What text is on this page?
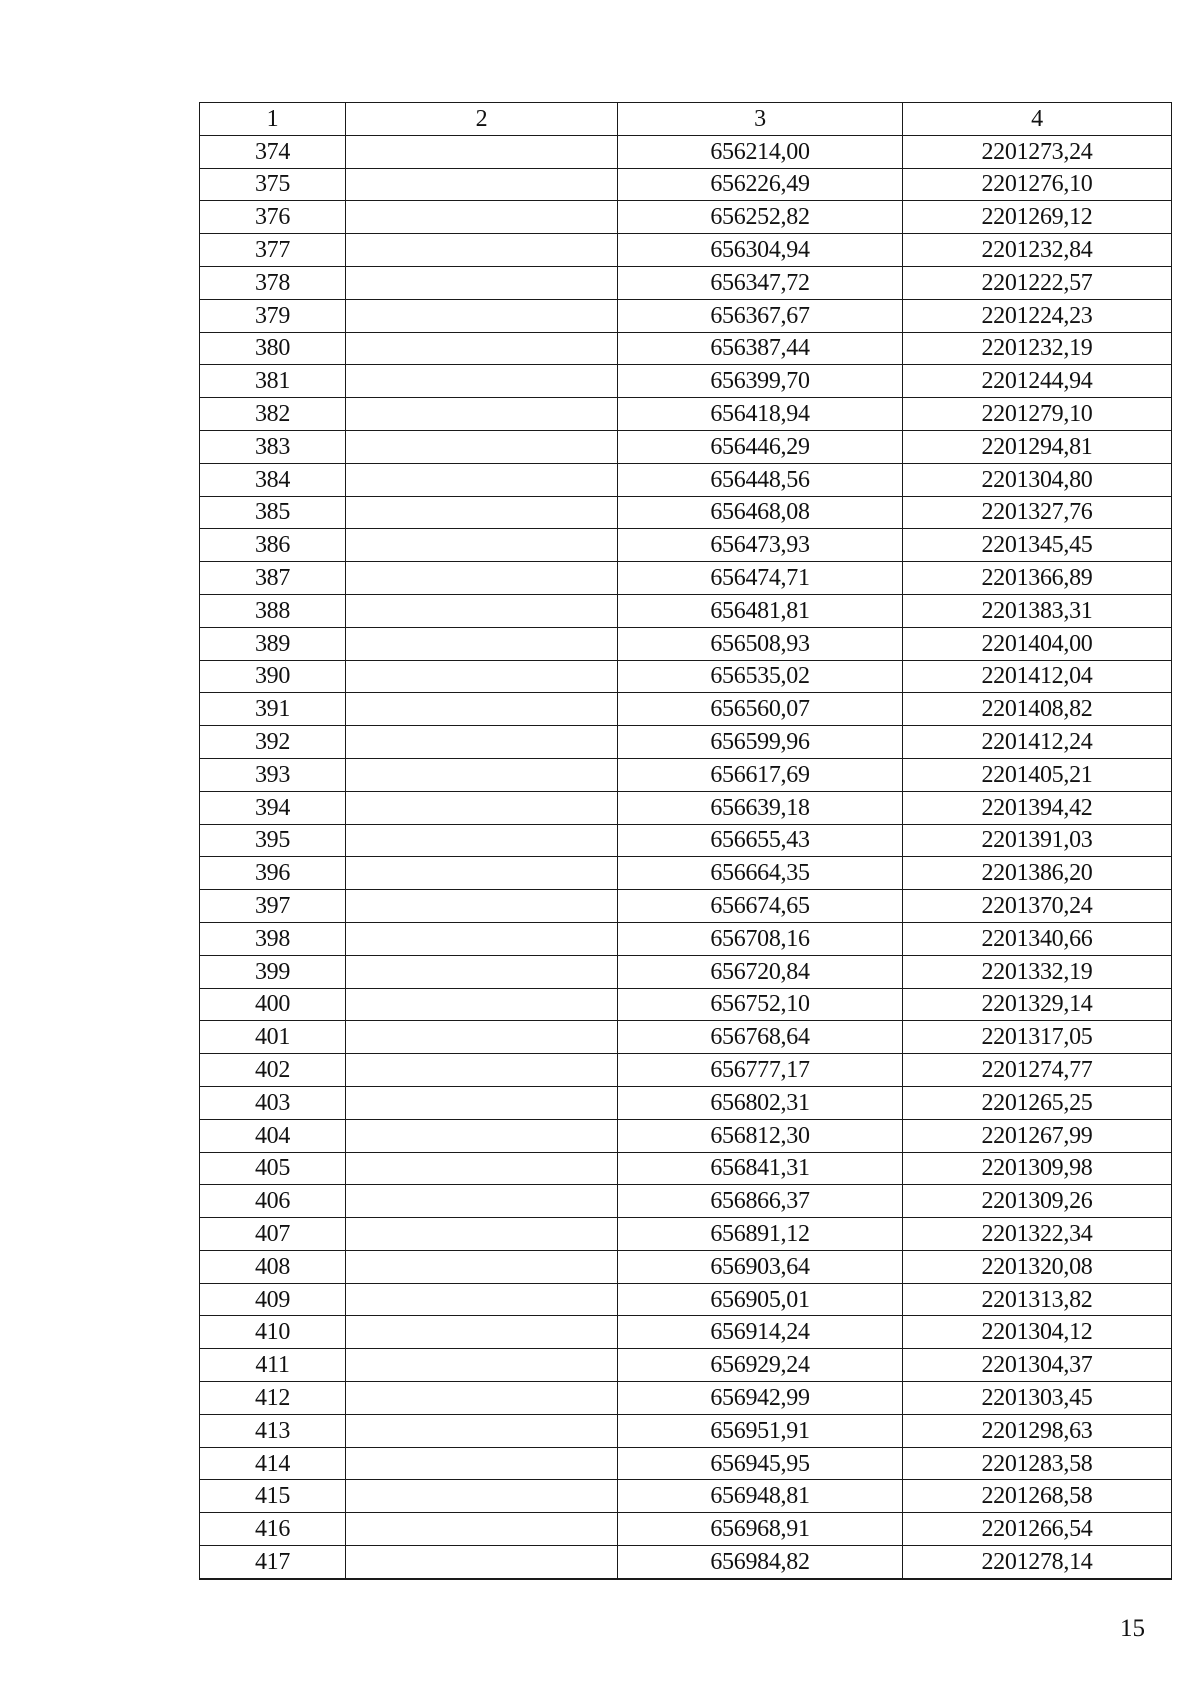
1	2	3	4
374		656214,00	2201273,24
375		656226,49	2201276,10
376		656252,82	2201269,12
377		656304,94	2201232,84
378		656347,72	2201222,57
379		656367,67	2201224,23
380		656387,44	2201232,19
381		656399,70	2201244,94
382		656418,94	2201279,10
383		656446,29	2201294,81
384		656448,56	2201304,80
385		656468,08	2201327,76
386		656473,93	2201345,45
387		656474,71	2201366,89
388		656481,81	2201383,31
389		656508,93	2201404,00
390		656535,02	2201412,04
391		656560,07	2201408,82
392		656599,96	2201412,24
393		656617,69	2201405,21
394		656639,18	2201394,42
395		656655,43	2201391,03
396		656664,35	2201386,20
397		656674,65	2201370,24
398		656708,16	2201340,66
399		656720,84	2201332,19
400		656752,10	2201329,14
401		656768,64	2201317,05
402		656777,17	2201274,77
403		656802,31	2201265,25
404		656812,30	2201267,99
405		656841,31	2201309,98
406		656866,37	2201309,26
407		656891,12	2201322,34
408		656903,64	2201320,08
409		656905,01	2201313,82
410		656914,24	2201304,12
411		656929,24	2201304,37
412		656942,99	2201303,45
413		656951,91	2201298,63
414		656945,95	2201283,58
415		656948,81	2201268,58
416		656968,91	2201266,54
417		656984,82	2201278,14
15
